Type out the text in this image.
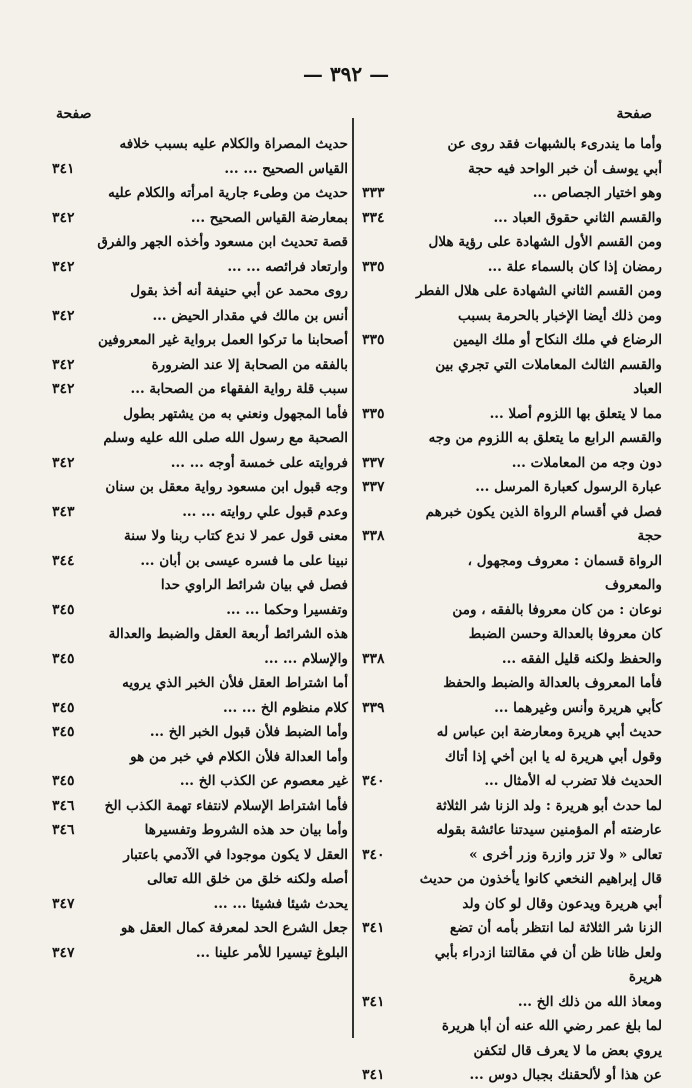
— ٣٩٢ —
صفحة
صفحة
وأما ما يندرىء بالشبهات فقد روى عن
أبي يوسف أن خبر الواحد فيه حجة
وهو اختيار الجصاص ...
٣٣٣
والقسم الثاني حقوق العباد ...
٣٣٤
ومن القسم الأول الشهادة على رؤية هلال
رمضان إذا كان بالسماء علة ...
٣٣٥
ومن القسم الثاني الشهادة على هلال الفطر
ومن ذلك أيضا الإخبار بالحرمة بسبب
الرضاع في ملك النكاح أو ملك اليمين
٣٣٥
والقسم الثالث المعاملات التي تجري بين العباد
مما لا يتعلق بها اللزوم أصلا ...
٣٣٥
والقسم الرابع ما يتعلق به اللزوم من وجه
دون وجه من المعاملات ...
٣٣٧
عبارة الرسول كعبارة المرسل ...
٣٣٧
فصل في أقسام الرواة الذين يكون خبرهم حجة
٣٣٨
الرواة قسمان : معروف ومجهول ، والمعروف
نوعان : من كان معروفا بالفقه ، ومن
كان معروفا بالعدالة وحسن الضبط
والحفظ ولكنه قليل الفقه ...
٣٣٨
فأما المعروف بالعدالة والضبط والحفظ
كأبي هريرة وأنس وغيرهما ...
٣٣٩
حديث أبي هريرة ومعارضة ابن عباس له
وقول أبي هريرة له يا ابن أخي إذا أتاك
الحديث فلا تضرب له الأمثال ...
٣٤٠
لما حدث أبو هريرة : ولد الزنا شر الثلاثة
عارضته أم المؤمنين سيدتنا عائشة بقوله
تعالى « ولا تزر وازرة وزر أخرى »
٣٤٠
قال إبراهيم النخعي كانوا يأخذون من حديث
أبي هريرة ويدعون وقال لو كان ولد
الزنا شر الثلاثة لما انتظر بأمه أن تضع
٣٤١
ولعل ظانا ظن أن في مقالتنا ازدراء بأبي هريرة
ومعاذ الله من ذلك الخ ...
٣٤١
لما بلغ عمر رضي الله عنه أن أبا هريرة
يروي بعض ما لا يعرف قال لتكفن
عن هذا أو لألحقنك بجبال دوس ...
٣٤١
حديث المصراة والكلام عليه بسبب خلافه
القياس الصحيح ... ...
٣٤١
حديث من وطىء جارية امرأته والكلام عليه
بمعارضة القياس الصحيح ...
٣٤٢
قصة تحديث ابن مسعود وأخذه الجهر والفرق
وارتعاد فرائصه ... ...
٣٤٢
روى محمد عن أبي حنيفة أنه أخذ بقول
أنس بن مالك في مقدار الحيض ...
٣٤٢
أصحابنا ما تركوا العمل برواية غير المعروفين
بالفقه من الصحابة إلا عند الضرورة
٣٤٢
سبب قلة رواية الفقهاء من الصحابة ...
٣٤٢
فأما المجهول ونعني به من يشتهر بطول
الصحبة مع رسول الله صلى الله عليه وسلم
فروايته على خمسة أوجه ... ...
٣٤٢
وجه قبول ابن مسعود رواية معقل بن سنان
وعدم قبول علي روايته ... ...
٣٤٣
معنى قول عمر لا ندع كتاب ربنا ولا سنة
نبينا على ما فسره عيسى بن أبان ...
٣٤٤
فصل في بيان شرائط الراوي حدا
وتفسيرا وحكما ... ...
٣٤٥
هذه الشرائط أربعة العقل والضبط والعدالة
والإسلام ... ...
٣٤٥
أما اشتراط العقل فلأن الخبر الذي يرويه
كلام منظوم الخ ... ...
٣٤٥
وأما الضبط فلأن قبول الخبر الخ ...
٣٤٥
وأما العدالة فلأن الكلام في خبر من هو
غير معصوم عن الكذب الخ ...
٣٤٥
فأما اشتراط الإسلام لانتفاء تهمة الكذب الخ
٣٤٦
وأما بيان حد هذه الشروط وتفسيرها
٣٤٦
العقل لا يكون موجودا في الآدمي باعتبار
أصله ولكنه خلق من خلق الله تعالى
يحدث شيئا فشيئا ... ...
٣٤٧
جعل الشرع الحد لمعرفة كمال العقل هو
البلوغ تيسيرا للأمر علينا ...
٣٤٧
